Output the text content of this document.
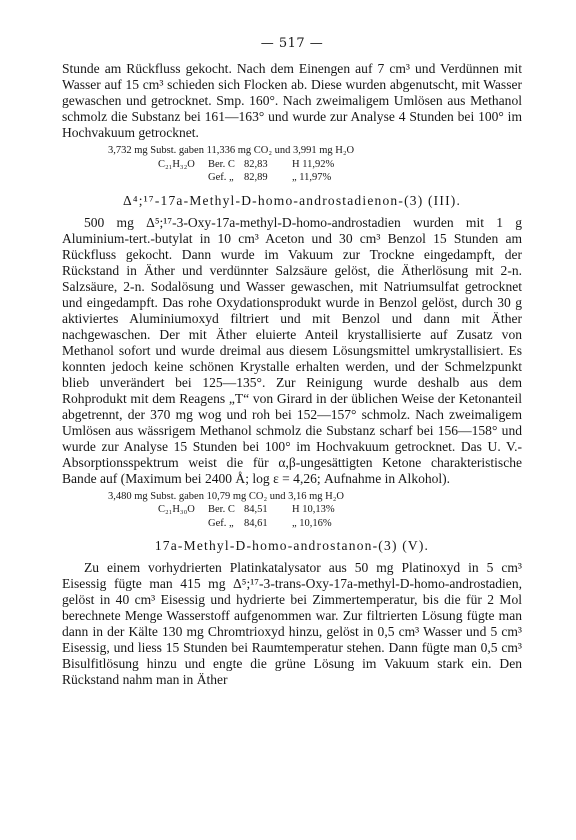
— 517 —

Stunde am Rückfluss gekocht. Nach dem Einengen auf 7 cm³ und Verdünnen mit Wasser auf 15 cm³ schieden sich Flocken ab. Diese wurden abgenutscht, mit Wasser gewaschen und getrocknet. Smp. 160°. Nach zweimaligem Umlösen aus Methanol schmolz die Substanz bei 161—163° und wurde zur Analyse 4 Stunden bei 100° im Hochvakuum getrocknet.

3,732 mg Subst. gaben 11,336 mg CO₂ und 3,991 mg H₂O
C₂₁H₃₂O Ber. C 82,83 H 11,92%
Gef. „ 82,89 „ 11,97%
Δ⁴;¹⁷-17a-Methyl-D-homo-androstadienon-(3) (III).

500 mg Δ⁵;¹⁷-3-Oxy-17a-methyl-D-homo-androstadien wurden mit 1 g Aluminium-tert.-butylat in 10 cm³ Aceton und 30 cm³ Benzol 15 Stunden am Rückfluss gekocht. Dann wurde im Vakuum zur Trockne eingedampft, der Rückstand in Äther und verdünnter Salzsäure gelöst, die Ätherlösung mit 2-n. Salzsäure, 2-n. Sodalösung und Wasser gewaschen, mit Natriumsulfat getrocknet und eingedampft. Das rohe Oxydationsprodukt wurde in Benzol gelöst, durch 30 g aktiviertes Aluminiumoxyd filtriert und mit Benzol und dann mit Äther nachgewaschen. Der mit Äther eluierte Anteil krystallisierte auf Zusatz von Methanol sofort und wurde dreimal aus diesem Lösungsmittel umkrystallisiert. Es konnten jedoch keine schönen Krystalle erhalten werden, und der Schmelzpunkt blieb unverändert bei 125—135°. Zur Reinigung wurde deshalb aus dem Rohprodukt mit dem Reagens „T“ von Girard in der üblichen Weise der Ketonanteil abgetrennt, der 370 mg wog und roh bei 152—157° schmolz. Nach zweimaligem Umlösen aus wässrigem Methanol schmolz die Substanz scharf bei 156—158° und wurde zur Analyse 15 Stunden bei 100° im Hochvakuum getrocknet. Das U. V.-Absorptionsspektrum weist die für α,β-ungesättigten Ketone charakteristische Bande auf (Maximum bei 2400 Å; log ε = 4,26; Aufnahme in Alkohol).

3,480 mg Subst. gaben 10,79 mg CO₂ und 3,16 mg H₂O
C₂₁H₃₀O Ber. C 84,51 H 10,13%
Gef. „ 84,61 „ 10,16%
17a-Methyl-D-homo-androstanon-(3) (V).

Zu einem vorhydrierten Platinkatalysator aus 50 mg Platinoxyd in 5 cm³ Eisessig fügte man 415 mg Δ⁵;¹⁷-3-trans-Oxy-17a-methyl-D-homo-androstadien, gelöst in 40 cm³ Eisessig und hydrierte bei Zimmertemperatur, bis die für 2 Mol berechnete Menge Wasserstoff aufgenommen war. Zur filtrierten Lösung fügte man dann in der Kälte 130 mg Chromtrioxyd hinzu, gelöst in 0,5 cm³ Wasser und 5 cm³ Eisessig, und liess 15 Stunden bei Raumtemperatur stehen. Dann fügte man 0,5 cm³ Bisulfitlösung hinzu und engte die grüne Lösung im Vakuum stark ein. Den Rückstand nahm man in Äther
